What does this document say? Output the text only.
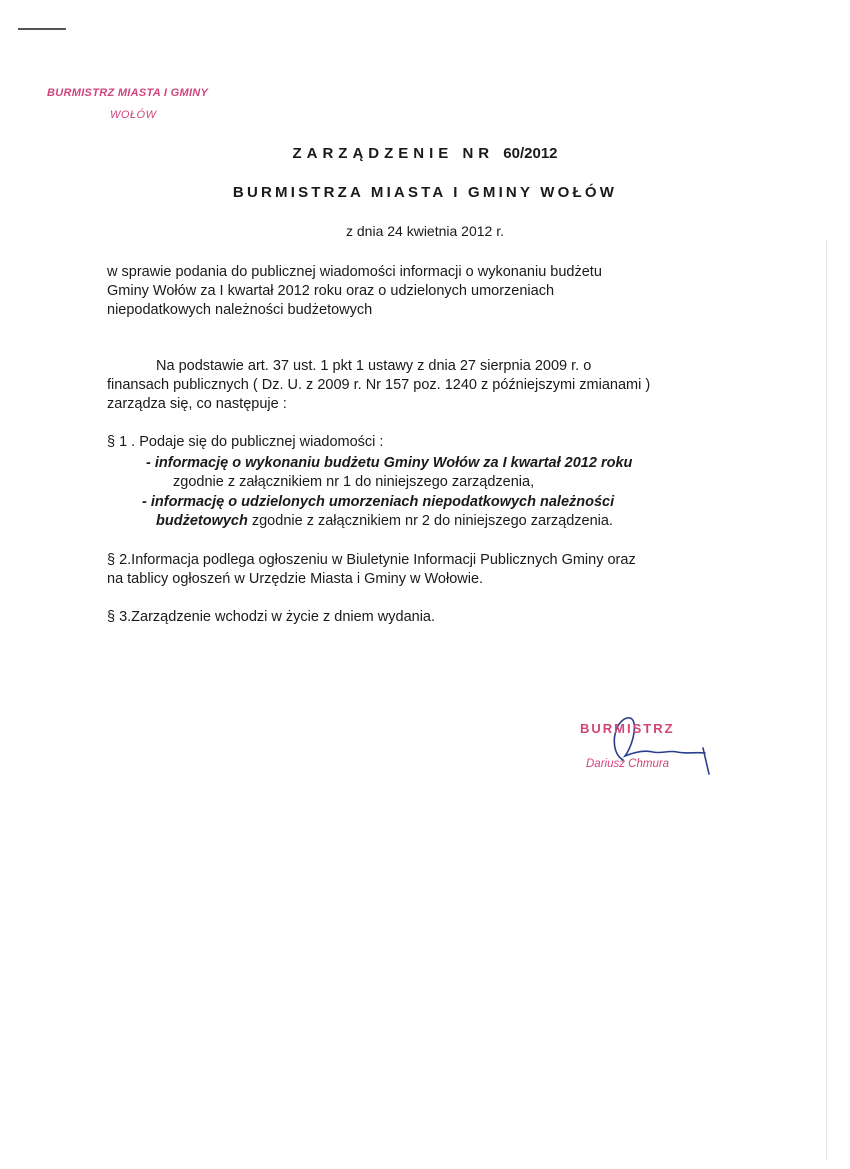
BURMISTRZ MIASTA I GMINY
WOŁÓW
ZARZĄDZENIE NR 60/2012
BURMISTRZA MIASTA I GMINY WOŁÓW
z dnia 24 kwietnia 2012 r.
w sprawie podania do publicznej wiadomości informacji o wykonaniu budżetu
Gminy Wołów za I kwartał 2012 roku oraz o udzielonych umorzeniach
niepodatkowych należności budżetowych
Na podstawie art. 37 ust. 1 pkt 1 ustawy z dnia 27 sierpnia 2009 r. o
finansach publicznych ( Dz. U. z 2009 r. Nr 157 poz. 1240 z późniejszymi zmianami )
zarządza się, co następuje :
§ 1 . Podaje się do publicznej wiadomości :
- informację o wykonaniu budżetu Gminy Wołów za I kwartał 2012 roku
zgodnie z załącznikiem nr 1 do niniejszego zarządzenia,
- informację o udzielonych umorzeniach niepodatkowych należności
budżetowych zgodnie z załącznikiem nr 2 do niniejszego zarządzenia.
§ 2.Informacja podlega ogłoszeniu w Biuletynie Informacji Publicznych Gminy oraz
na tablicy ogłoszeń w Urzędzie Miasta i Gminy w Wołowie.
§ 3.Zarządzenie wchodzi w życie z dniem wydania.
BURMISTRZ
Dariusz Chmura
